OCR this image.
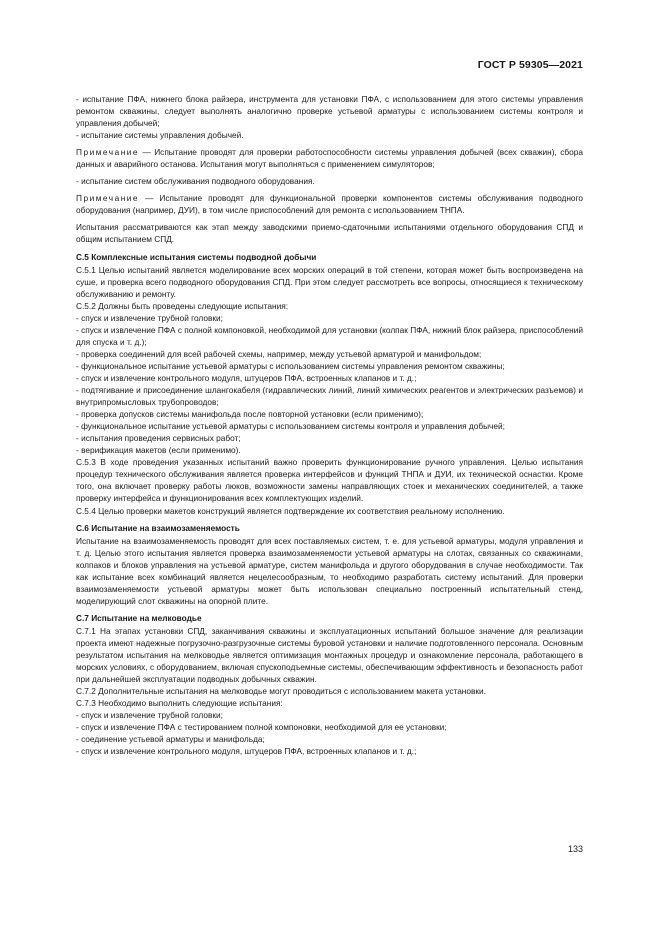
ГОСТ Р 59305—2021
- испытание ПФА, нижнего блока райзера, инструмента для установки ПФА, с использованием для этого системы управления ремонтом скважины, следует выполнять аналогично проверке устьевой арматуры с использованием системы контроля и управления добычей;
- испытание системы управления добычей.
Примечание — Испытание проводят для проверки работоспособности системы управления добычей (всех скважин), сбора данных и аварийного останова. Испытания могут выполняться с применением симуляторов;
- испытание систем обслуживания подводного оборудования.
Примечание — Испытание проводят для функциональной проверки компонентов системы обслуживания подводного оборудования (например, ДУИ), в том числе приспособлений для ремонта с использованием ТНПА.
Испытания рассматриваются как этап между заводскими приемо-сдаточными испытаниями отдельного оборудования СПД и общим испытанием СПД.
С.5 Комплексные испытания системы подводной добычи
С.5.1 Целью испытаний является моделирование всех морских операций в той степени, которая может быть воспроизведена на суше, и проверка всего подводного оборудования СПД. При этом следует рассмотреть все вопросы, относящиеся к техническому обслуживанию и ремонту.
С.5.2 Должны быть проведены следующие испытания:
- спуск и извлечение трубной головки;
- спуск и извлечение ПФА с полной компоновкой, необходимой для установки (колпак ПФА, нижний блок райзера, приспособлений для спуска и т. д.);
- проверка соединений для всей рабочей схемы, например, между устьевой арматурой и манифольдом;
- функциональное испытание устьевой арматуры с использованием системы управления ремонтом скважины;
- спуск и извлечение контрольного модуля, штуцеров ПФА, встроенных клапанов и т. д.;
- подтягивание и присоединение шлангокабеля (гидравлических линий, линий химических реагентов и электрических разъемов) и внутрипромысловых трубопроводов;
- проверка допусков системы манифольда после повторной установки (если применимо);
- функциональное испытание устьевой арматуры с использованием системы контроля и управления добычей;
- испытания проведения сервисных работ;
- верификация макетов (если применимо).
С.5.3 В ходе проведения указанных испытаний важно проверить функционирование ручного управления. Целью испытания процедур технического обслуживания является проверка интерфейсов и функций ТНПА и ДУИ, их технической оснастки. Кроме того, она включает проверку работы люков, возможности замены направляющих стоек и механических соединителей, а также проверку интерфейса и функционирования всех комплектующих изделий.
С.5.4 Целью проверки макетов конструкций является подтверждение их соответствия реальному исполнению.
С.6 Испытание на взаимозаменяемость
Испытание на взаимозаменяемость проводят для всех поставляемых систем, т. е. для устьевой арматуры, модуля управления и т. д. Целью этого испытания является проверка взаимозаменяемости устьевой арматуры на слотах, связанных со скважинами, колпаков и блоков управления на устьевой арматуре, систем манифольда и другого оборудования в случае необходимости. Так как испытание всех комбинаций является нецелесообразным, то необходимо разработать систему испытаний. Для проверки взаимозаменяемости устьевой арматуры может быть использован специально построенный испытательный стенд, моделирующий слот скважины на опорной плите.
С.7 Испытание на мелководье
С.7.1 На этапах установки СПД, заканчивания скважины и эксплуатационных испытаний большое значение для реализации проекта имеют надежные погрузочно-разгрузочные системы буровой установки и наличие подготовленного персонала. Основным результатом испытания на мелководье является оптимизация монтажных процедур и ознакомление персонала, работающего в морских условиях, с оборудованием, включая спускоподъемные системы, обеспечивающим эффективность и безопасность работ при дальнейшей эксплуатации подводных добычных скважин.
С.7.2 Дополнительные испытания на мелководье могут проводиться с использованием макета установки.
С.7.3 Необходимо выполнить следующие испытания:
- спуск и извлечение трубной головки;
- спуск и извлечение ПФА с тестированием полной компоновки, необходимой для ее установки;
- соединение устьевой арматуры и манифольда;
- спуск и извлечение контрольного модуля, штуцеров ПФА, встроенных клапанов и т. д.;
133
